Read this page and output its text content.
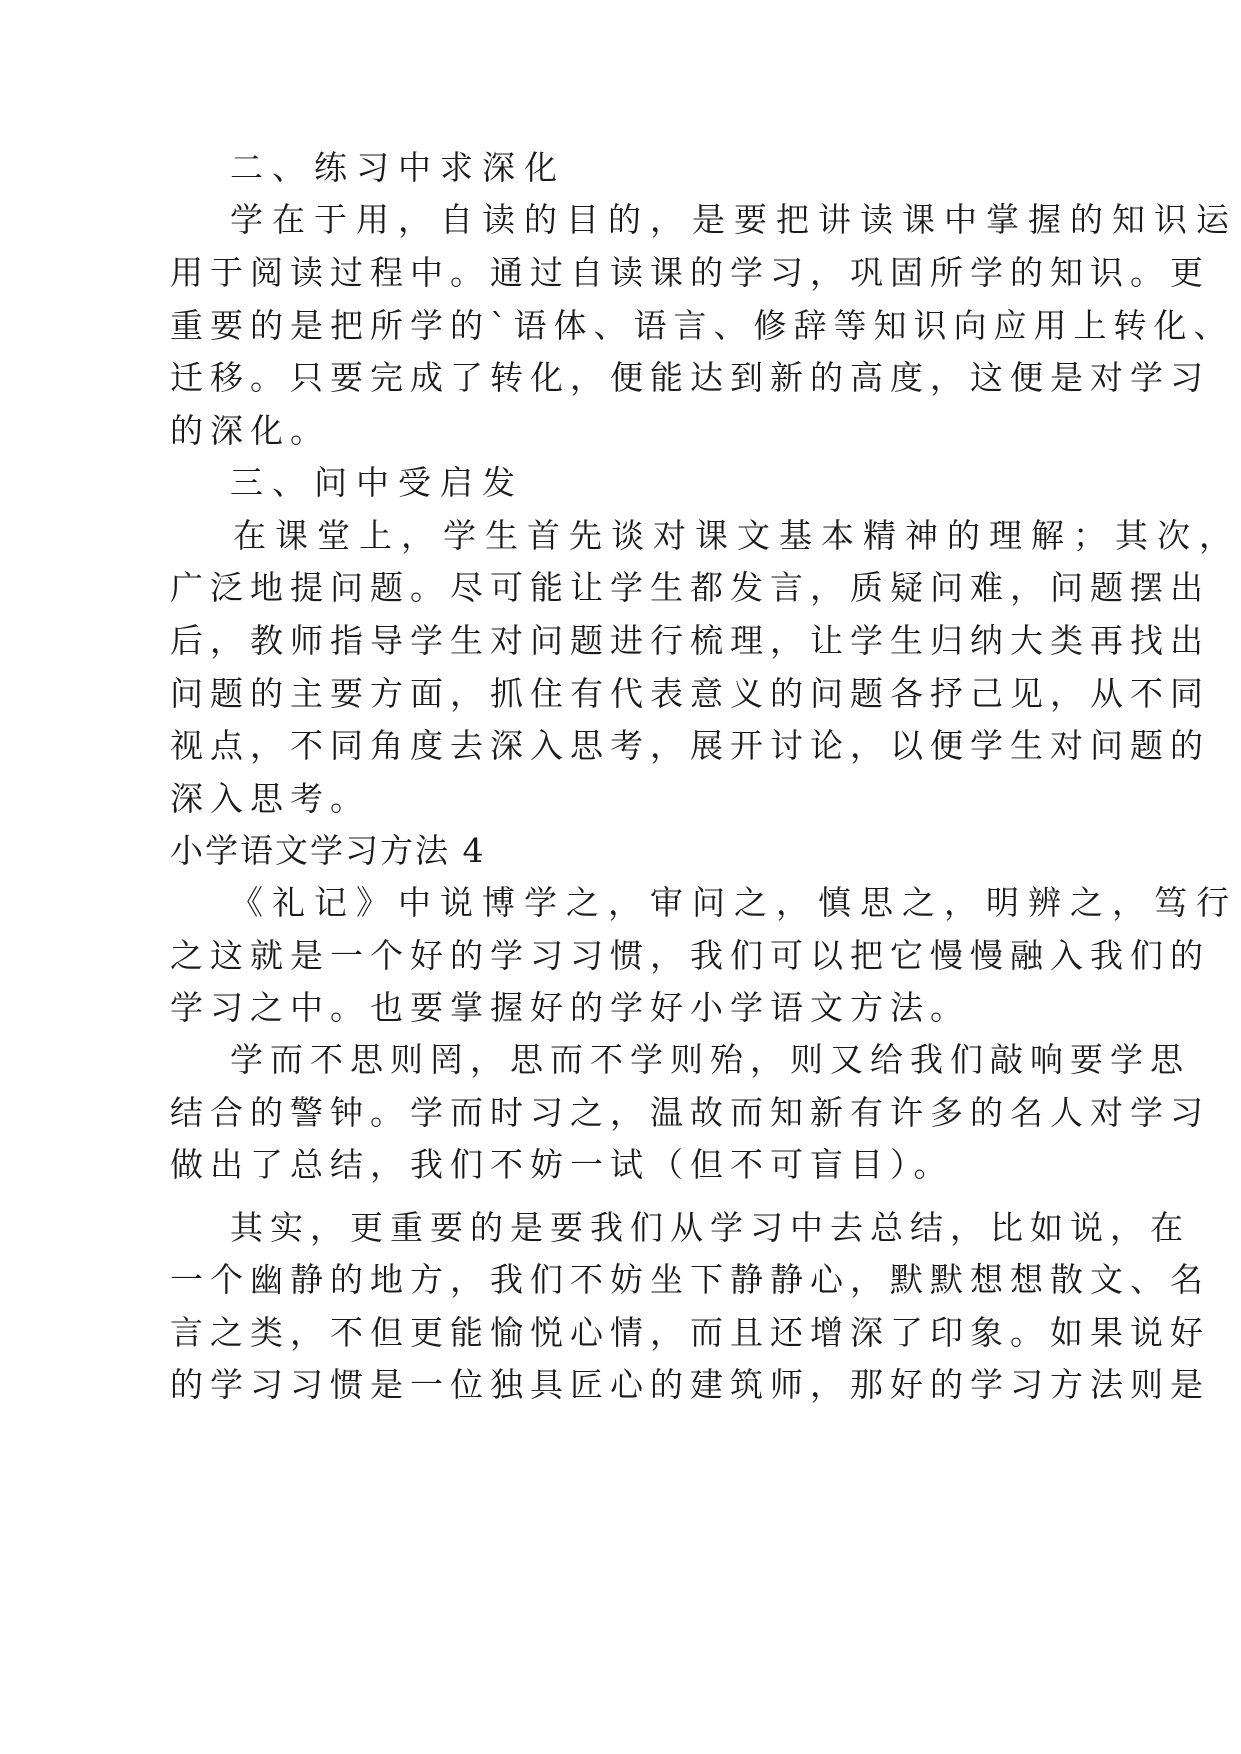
二、练习中求深化
学在于用，自读的目的，是要把讲读课中掌握的知识运
用于阅读过程中。通过自读课的学习，巩固所学的知识。更
重要的是把所学的`语体、语言、修辞等知识向应用上转化、
迁移。只要完成了转化，便能达到新的高度，这便是对学习
的深化。
三、问中受启发
在课堂上，学生首先谈对课文基本精神的理解；其次，
广泛地提问题。尽可能让学生都发言，质疑问难，问题摆出
后，教师指导学生对问题进行梳理，让学生归纳大类再找出
问题的主要方面，抓住有代表意义的问题各抒己见，从不同
视点，不同角度去深入思考，展开讨论，以便学生对问题的
深入思考。
小学语文学习方法 4
《礼记》中说博学之，审问之，慎思之，明辨之，笃行
之这就是一个好的学习习惯，我们可以把它慢慢融入我们的
学习之中。也要掌握好的学好小学语文方法。
学而不思则罔，思而不学则殆，则又给我们敲响要学思
结合的警钟。学而时习之，温故而知新有许多的名人对学习
做出了总结，我们不妨一试（但不可盲目）。
其实，更重要的是要我们从学习中去总结，比如说，在
一个幽静的地方，我们不妨坐下静静心，默默想想散文、名
言之类，不但更能愉悦心情，而且还增深了印象。如果说好
的学习习惯是一位独具匠心的建筑师，那好的学习方法则是
